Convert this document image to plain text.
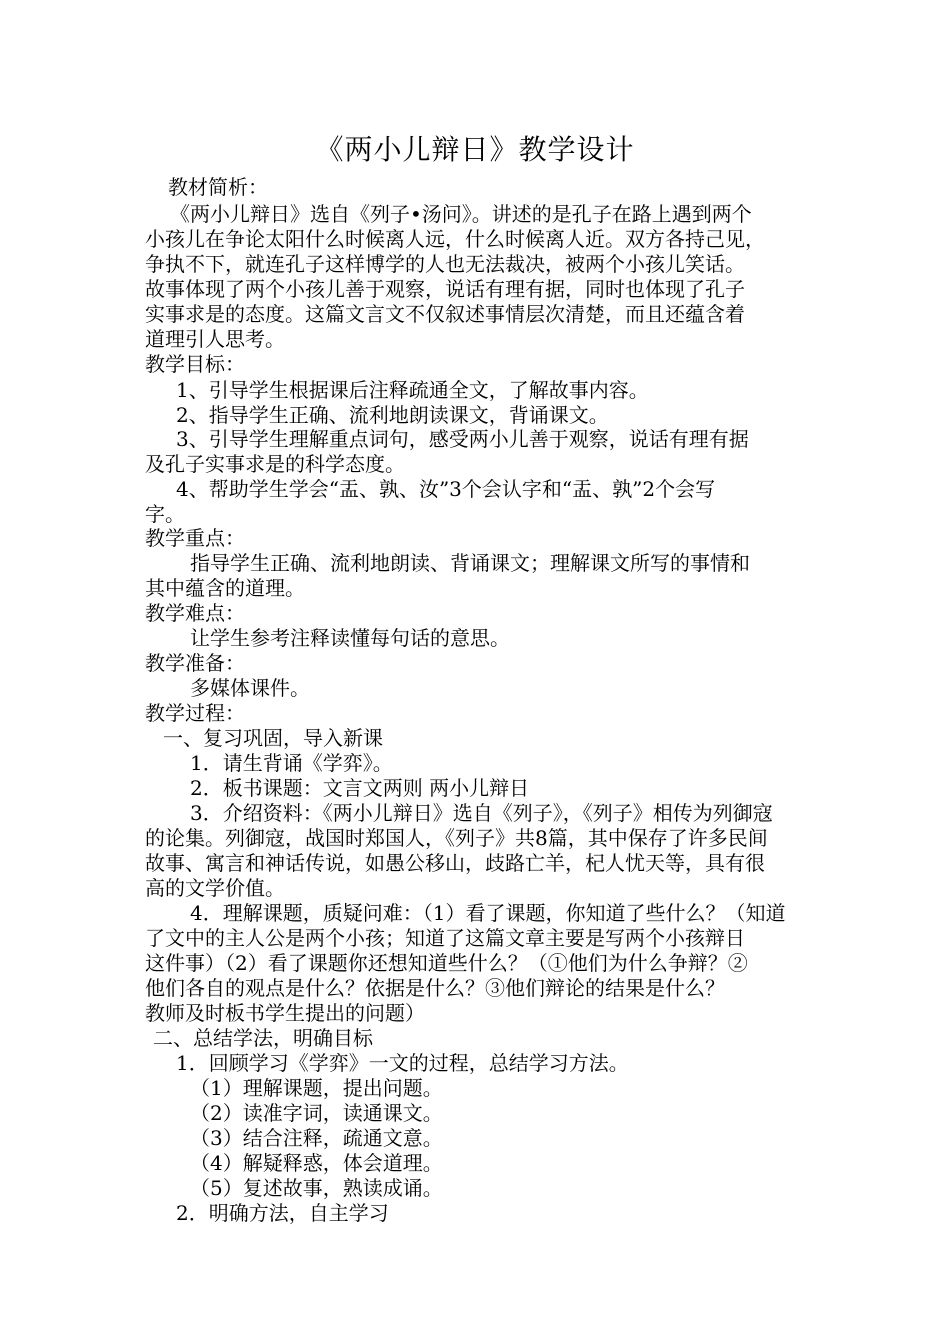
《两小儿辩日》教学设计
教材简析：
《两小儿辩日》选自《列子•汤问》。讲述的是孔子在路上遇到两个
小孩儿在争论太阳什么时候离人远，什么时候离人近。双方各持己见，
争执不下，就连孔子这样博学的人也无法裁决，被两个小孩儿笑话。
故事体现了两个小孩儿善于观察，说话有理有据，同时也体现了孔子
实事求是的态度。这篇文言文不仅叙述事情层次清楚，而且还蕴含着
道理引人思考。
教学目标：
1、引导学生根据课后注释疏通全文，了解故事内容。
2、指导学生正确、流利地朗读课文，背诵课文。
3、引导学生理解重点词句，感受两小儿善于观察，说话有理有据
及孔子实事求是的科学态度。
4、帮助学生学会“盂、孰、汝”3个会认字和“盂、孰”2个会写
字。
教学重点：
指导学生正确、流利地朗读、背诵课文；理解课文所写的事情和
其中蕴含的道理。
教学难点：
让学生参考注释读懂每句话的意思。
教学准备：
多媒体课件。
教学过程：
一、复习巩固，导入新课
1．请生背诵《学弈》。
2．板书课题：文言文两则 两小儿辩日
3．介绍资料：《两小儿辩日》选自《列子》，《列子》相传为列御寇
的论集。列御寇，战国时郑国人，《列子》共8篇，其中保存了许多民间
故事、寓言和神话传说，如愚公移山，歧路亡羊，杞人忧天等，具有很
高的文学价值。
4．理解课题，质疑问难：（1）看了课题，你知道了些什么？（知道
了文中的主人公是两个小孩；知道了这篇文章主要是写两个小孩辩日
这件事）（2）看了课题你还想知道些什么？（①他们为什么争辩？②
他们各自的观点是什么？依据是什么？③他们辩论的结果是什么？
教师及时板书学生提出的问题）
二、总结学法，明确目标
1．回顾学习《学弈》一文的过程，总结学习方法。
（1）理解课题，提出问题。
（2）读准字词，读通课文。
（3）结合注释，疏通文意。
（4）解疑释惑，体会道理。
（5）复述故事，熟读成诵。
2．明确方法，自主学习
